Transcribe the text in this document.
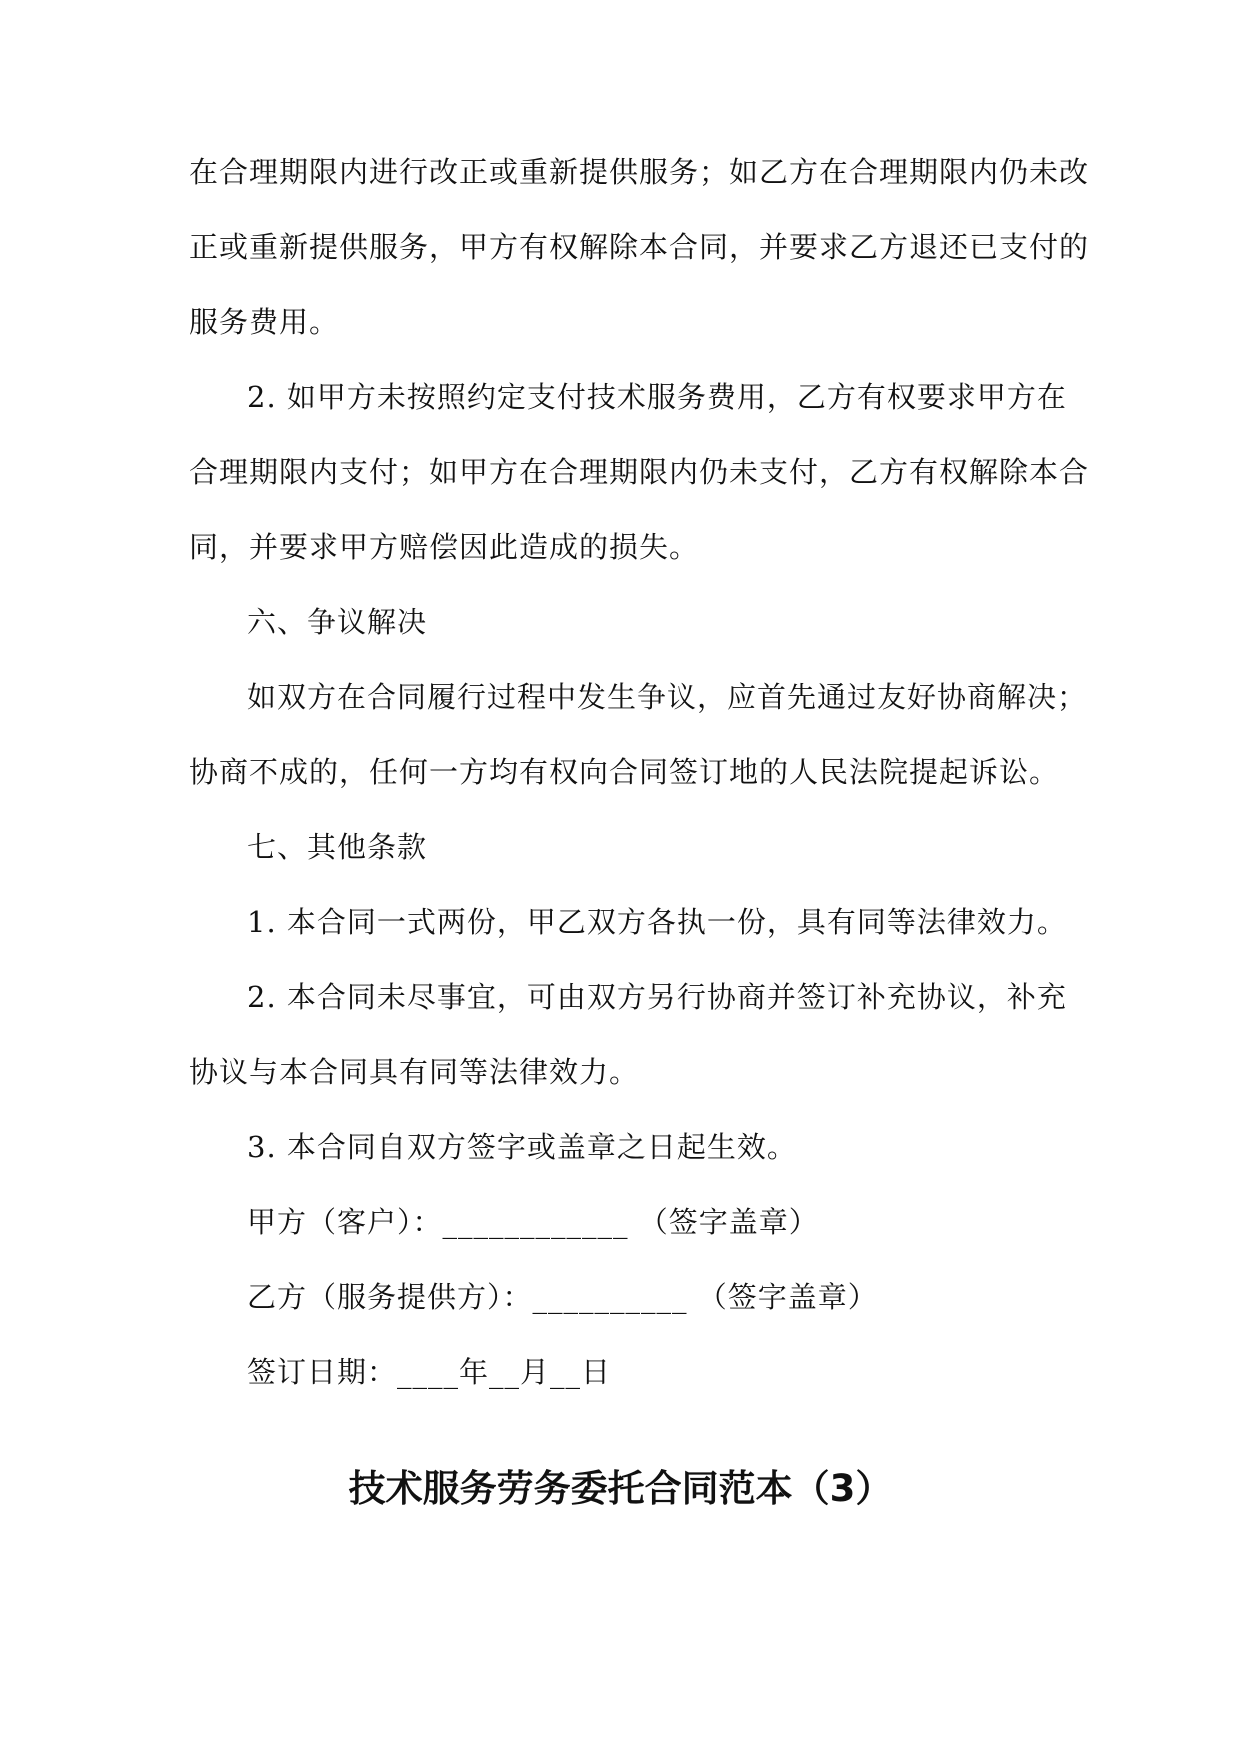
在合理期限内进行改正或重新提供服务；如乙方在合理期限内仍未改
正或重新提供服务，甲方有权解除本合同，并要求乙方退还已支付的
服务费用。
2. 如甲方未按照约定支付技术服务费用，乙方有权要求甲方在
合理期限内支付；如甲方在合理期限内仍未支付，乙方有权解除本合
同，并要求甲方赔偿因此造成的损失。
六、争议解决
如双方在合同履行过程中发生争议，应首先通过友好协商解决；
协商不成的，任何一方均有权向合同签订地的人民法院提起诉讼。
七、其他条款
1. 本合同一式两份，甲乙双方各执一份，具有同等法律效力。
2. 本合同未尽事宜，可由双方另行协商并签订补充协议，补充
协议与本合同具有同等法律效力。
3. 本合同自双方签字或盖章之日起生效。
甲方（客户）：____________ （签字盖章）
乙方（服务提供方）：__________ （签字盖章）
签订日期：____年__月__日
技术服务劳务委托合同范本（3）
